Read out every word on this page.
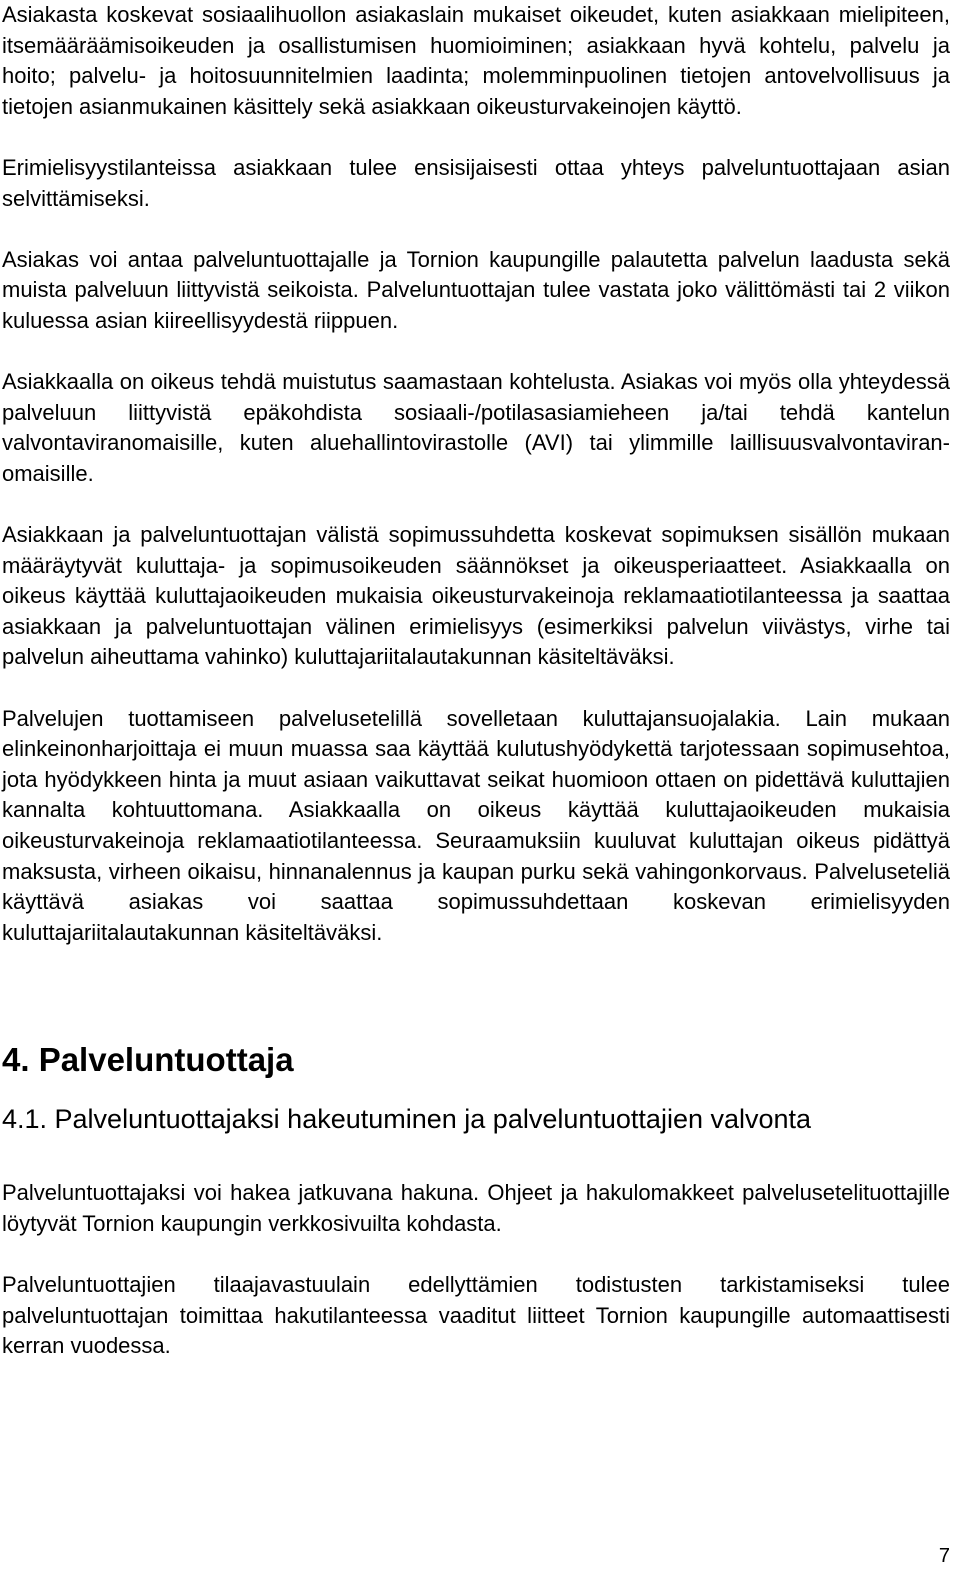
Asiakasta koskevat sosiaalihuollon asiakaslain mukaiset oikeudet, kuten asiakkaan mielipiteen, itsemääräämisoikeuden ja osallistumisen huomioiminen; asiakkaan hyvä kohtelu, palvelu ja hoito; palvelu- ja hoitosuunnitelmien laadinta; molemminpuolinen tietojen antovelvollisuus ja tietojen asianmukainen käsittely sekä asiakkaan oikeusturvakeinojen käyttö.

Erimielisyystilanteissa asiakkaan tulee ensisijaisesti ottaa yhteys palveluntuottajaan asian selvittämiseksi.

Asiakas voi antaa palveluntuottajalle ja Tornion kaupungille palautetta palvelun laadusta sekä muista palveluun liittyvistä seikoista. Palveluntuottajan tulee vastata joko välittömästi tai 2 viikon kuluessa asian kiireellisyydestä riippuen.

Asiakkaalla on oikeus tehdä muistutus saamastaan kohtelusta. Asiakas voi myös olla yhteydessä palveluun liittyvistä epäkohdista sosiaali-/potilasasiamieheen ja/tai tehdä kantelun valvontaviranomaisille, kuten aluehallintovirastolle (AVI) tai ylimmille laillisuusvalvontaviran-omaisille.

Asiakkaan ja palveluntuottajan välistä sopimussuhdetta koskevat sopimuksen sisällön mukaan määräytyvät kuluttaja- ja sopimusoikeuden säännökset ja oikeusperiaatteet. Asiakkaalla on oikeus käyttää kuluttajaoikeuden mukaisia oikeusturvakeinoja reklamaatiotilanteessa ja saattaa asiakkaan ja palveluntuottajan välinen erimielisyys (esimerkiksi palvelun viivästys, virhe tai palvelun aiheuttama vahinko) kuluttajariitalautakunnan käsiteltäväksi.

Palvelujen tuottamiseen palvelusetelillä sovelletaan kuluttajansuojalakia. Lain mukaan elinkeinonharjoittaja ei muun muassa saa käyttää kulutushyödykettä tarjotessaan sopimusehtoa, jota hyödykkeen hinta ja muut asiaan vaikuttavat seikat huomioon ottaen on pidettävä kuluttajien kannalta kohtuuttomana. Asiakkaalla on oikeus käyttää kuluttajaoikeuden mukaisia oikeusturvakeinoja reklamaatiotilanteessa. Seuraamuksiin kuuluvat kuluttajan oikeus pidättyä maksusta, virheen oikaisu, hinnanalennus ja kaupan purku sekä vahingonkorvaus. Palveluseteliä käyttävä asiakas voi saattaa sopimussuhdettaan koskevan erimielisyyden kuluttajariitalautakunnan käsiteltäväksi.

4. Palveluntuottaja
4.1. Palveluntuottajaksi hakeutuminen ja palveluntuottajien valvonta

Palveluntuottajaksi voi hakea jatkuvana hakuna. Ohjeet ja hakulomakkeet palvelusetelituottajille löytyvät Tornion kaupungin verkkosivuilta kohdasta.

Palveluntuottajien tilaajavastuulain edellyttämien todistusten tarkistamiseksi tulee palveluntuottajan toimittaa hakutilanteessa vaaditut liitteet Tornion kaupungille automaattisesti kerran vuodessa.

7
